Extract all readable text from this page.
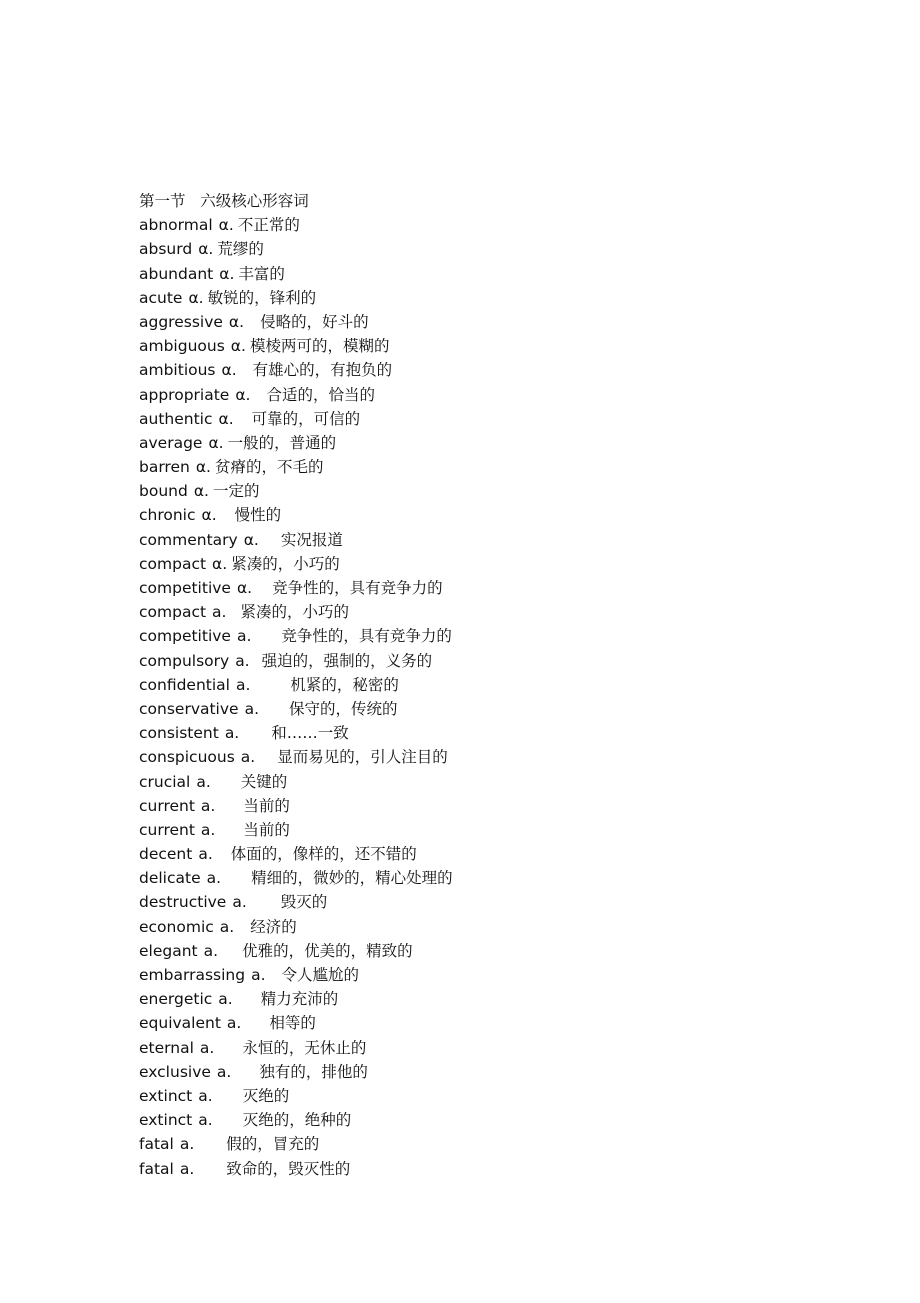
第一节   六级核心形容词
abnormal α. 不正常的
absurd α. 荒缪的
abundant α. 丰富的
acute α. 敏锐的，锋利的
aggressive α. 侵略的，好斗的
ambiguous α. 模棱两可的，模糊的
ambitious α. 有雄心的，有抱负的
appropriate α. 合适的，恰当的
authentic α. 可靠的，可信的
average α. 一般的，普通的
barren α. 贫瘠的，不毛的
bound α. 一定的
chronic α. 慢性的
commentary α. 实况报道
compact α. 紧凑的，小巧的
competitive α. 竞争性的，具有竞争力的
compact a. 紧凑的，小巧的
competitive a. 竞争性的，具有竞争力的
compulsory a. 强迫的，强制的，义务的
confidential a.	机紧的，秘密的
conservative a. 保守的，传统的
consistent a. 和……一致
conspicuous a. 显而易见的，引人注目的
crucial a. 关键的
current a. 当前的
current a. 当前的
decent a. 体面的，像样的，还不错的
delicate a. 精细的，微妙的，精心处理的
destructive a. 毁灭的
economic a. 经济的
elegant a. 优雅的，优美的，精致的
embarrassing a. 令人尴尬的
energetic a. 精力充沛的
equivalent a. 相等的
eternal a. 永恒的，无休止的
exclusive a. 独有的，排他的
extinct a. 灭绝的
extinct a. 灭绝的，绝种的
fatal a. 假的，冒充的
fatal a. 致命的，毁灭性的
